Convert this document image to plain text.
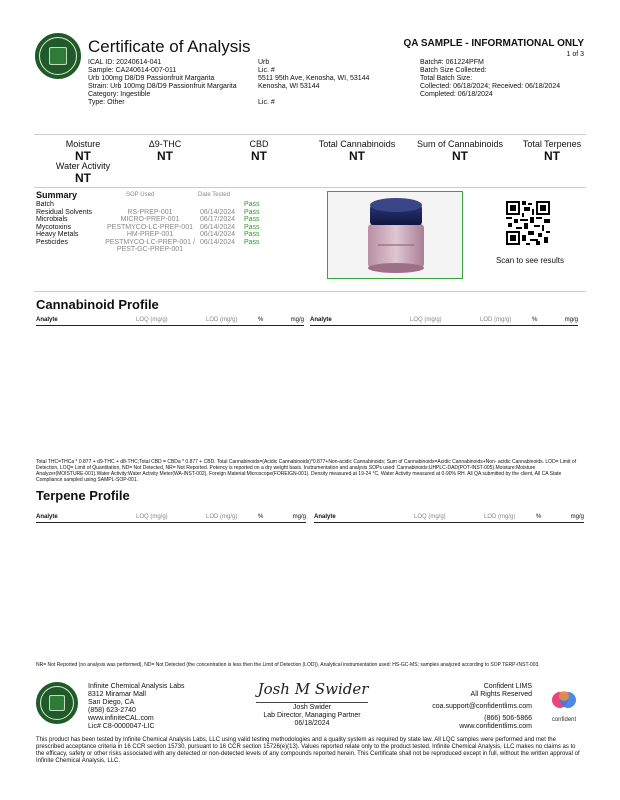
Certificate of Analysis	QA SAMPLE - INFORMATIONAL ONLY
1 of 3
ICAL ID: 20240614-041
Sample: CA240614-007-011
Urb 100mg D8/D9 Passionfruit Margarita
Strain: Urb 100mg D8/D9 Passionfruit Margarita
Category: Ingestible
Type: Other
Urb
Lic. #
5511 95th Ave, Kenosha, WI, 53144
Kenosha, WI 53144
Lic. #
Batch#: 061224PFM
Batch Size Collected:
Total Batch Size:
Collected: 06/18/2024; Received: 06/18/2024
Completed: 06/18/2024
Moisture
NT
Δ9-THC
NT
CBD
NT
Total Cannabinoids
NT
Sum of Cannabinoids
NT
Total Terpenes
NT
Water Activity
NT
Summary	SOP Used	Date Tested
Batch	Pass
Residual Solvents	RS-PREP-001	06/14/2024	Pass
Microbials	MICRO-PREP-001	06/17/2024	Pass
Mycotoxins	PESTMYCO-LC-PREP-001	06/14/2024	Pass
Heavy Metals	HM-PREP-001	06/14/2024	Pass
Pesticides	PESTMYCO-LC-PREP-001 / 06/14/2024	Pass
PEST-GC-PREP-001
Scan to see results
Cannabinoid Profile
Analyte	LOQ (mg/g)	LOD (mg/g)	%	mg/g Analyte	LOQ (mg/g)	LOD (mg/g)	%	mg/g
Total THC=THCa * 0.877 + d9-THC + d8-THC;Total CBD = CBDa * 0.877 + CBD. Total Cannabinoids=(Acidic Cannabinoids)*0.877+Non-acidic Cannabinoids; Sum of Cannabinoids=Acidic Cannabinoids+Non- acidic Cannabinoids. LOD= Limit of Detection, LOQ= Limit of Quantitation, ND= Not Detected, NR= Not Reported. Potency is reported on a dry weight basis. Instrumentation and analysis SOPs used: Cannabinoids:UHPLC-DAD(POT-INST-005).Moisture:Moisture Analyzer(MOISTURE-001).Water Activity:Water Activity Meter(WA-INST-002), Foreign Material:Microscope(FOREIGN-001). Density measured at 19-24 °C, Water Activity measured at 0-90% RH. All QA submitted by the client, All CA State Compliance sampled using SAMPL-SOP-001.
Terpene Profile
Analyte	LOQ (mg/g)	LOD (mg/g)	%	mg/g Analyte	LOQ (mg/g)	LOD (mg/g)	%	mg/g
NR= Not Reported (no analysis was performed), ND= Not Detected (the concentration is less then the Limit of Detection (LOD)). Analytical instrumentation used: HS-GC-MS; samples analyzed according to SOP TERP-INST-003.
Infinite Chemical Analysis Labs
8312 Miramar Mall
San Diego, CA
(858) 623-2740
www.infiniteCAL.com
Lic# C8-0000047-LIC
Josh M Swider
Josh Swider
Lab Director, Managing Partner
06/18/2024
Confident LIMS
All Rights Reserved
coa.support@confidentlims.com
(866) 506-5866
www.confidentlims.com
confident
This product has been tested by Infinite Chemical Analysis Labs, LLC using valid testing methodologies and a quality system as required by state law. All LQC samples were performed and met the prescribed acceptance criteria in 16 CCR section 15730, pursuant to 16 CCR section 15726(e)(13). Values reported relate only to the product tested. Infinite Chemical Analysis, LLC makes no claims as to the efficacy, safety or other risks associated with any detected or non-detected levels of any compounds reported herein. This Certificate shall not be reproduced except in full, without the written approval of Infinite Chemical Analysis, LLC.
